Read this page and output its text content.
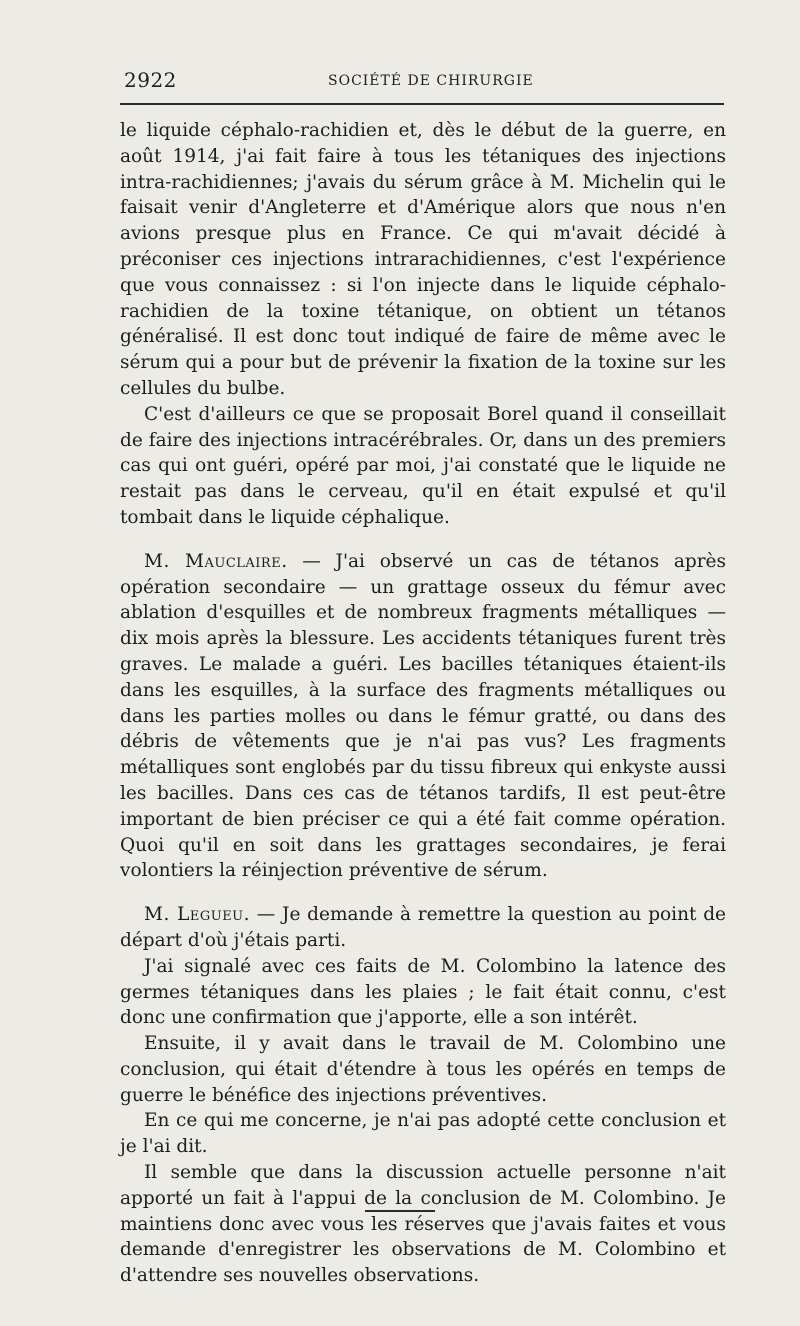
2922	SOCIÉTÉ DE CHIRURGIE

le liquide céphalo-rachidien et, dès le début de la guerre, en août 1914, j'ai fait faire à tous les tétaniques des injections intra-rachidiennes; j'avais du sérum grâce à M. Michelin qui le faisait venir d'Angleterre et d'Amérique alors que nous n'en avions presque plus en France. Ce qui m'avait décidé à préconiser ces injections intrarachidiennes, c'est l'expérience que vous connaissez : si l'on injecte dans le liquide céphalo-rachidien de la toxine tétanique, on obtient un tétanos généralisé. Il est donc tout indiqué de faire de même avec le sérum qui a pour but de prévenir la fixation de la toxine sur les cellules du bulbe.

C'est d'ailleurs ce que se proposait Borel quand il conseillait de faire des injections intracérébrales. Or, dans un des premiers cas qui ont guéri, opéré par moi, j'ai constaté que le liquide ne restait pas dans le cerveau, qu'il en était expulsé et qu'il tombait dans le liquide céphalique.

M. Mauclaire. — J'ai observé un cas de tétanos après opération secondaire — un grattage osseux du fémur avec ablation d'esquilles et de nombreux fragments métalliques — dix mois après la blessure. Les accidents tétaniques furent très graves. Le malade a guéri. Les bacilles tétaniques étaient-ils dans les esquilles, à la surface des fragments métalliques ou dans les parties molles ou dans le fémur gratté, ou dans des débris de vêtements que je n'ai pas vus? Les fragments métalliques sont englobés par du tissu fibreux qui enkyste aussi les bacilles. Dans ces cas de tétanos tardifs, Il est peut-être important de bien préciser ce qui a été fait comme opération. Quoi qu'il en soit dans les grattages secondaires, je ferai volontiers la réinjection préventive de sérum.

M. Legueu. — Je demande à remettre la question au point de départ d'où j'étais parti.

J'ai signalé avec ces faits de M. Colombino la latence des germes tétaniques dans les plaies ; le fait était connu, c'est donc une confirmation que j'apporte, elle a son intérêt.

Ensuite, il y avait dans le travail de M. Colombino une conclusion, qui était d'étendre à tous les opérés en temps de guerre le bénéfice des injections préventives.

En ce qui me concerne, je n'ai pas adopté cette conclusion et je l'ai dit.

Il semble que dans la discussion actuelle personne n'ait apporté un fait à l'appui de la conclusion de M. Colombino. Je maintiens donc avec vous les réserves que j'avais faites et vous demande d'enregistrer les observations de M. Colombino et d'attendre ses nouvelles observations.
